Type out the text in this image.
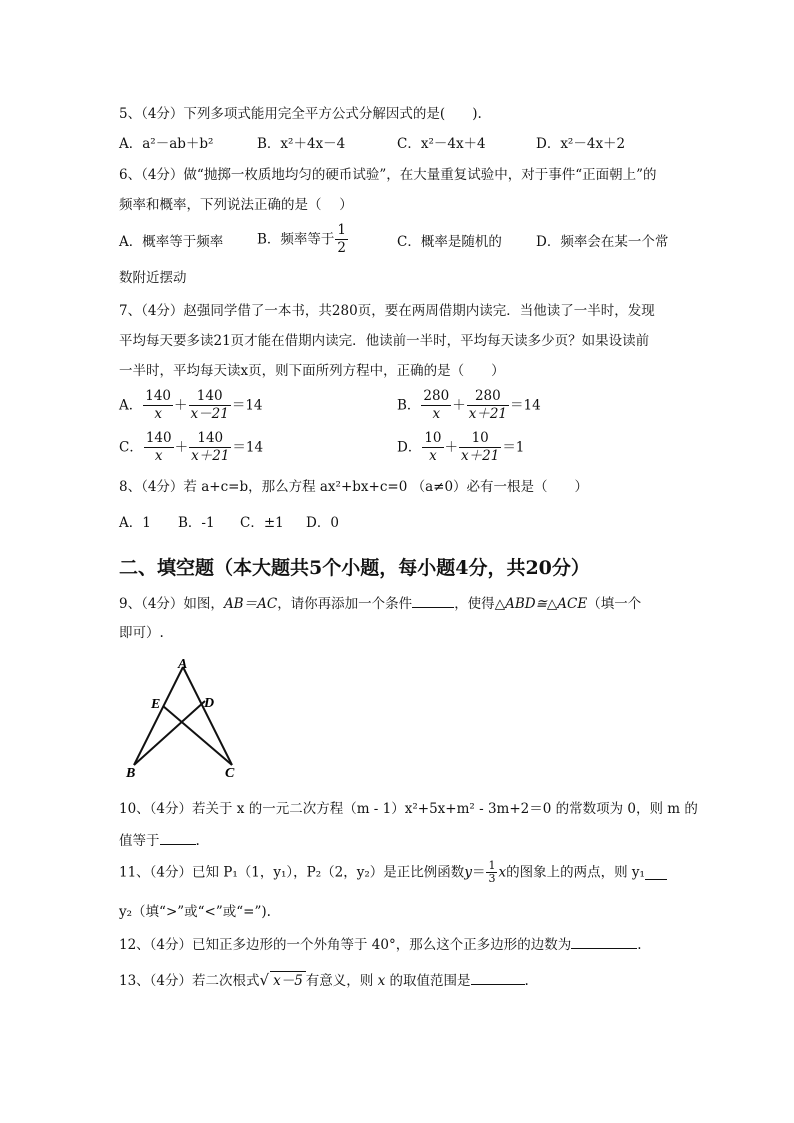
5、（4分）下列多项式能用完全平方公式分解因式的是(　　).
A．a²－ab＋b²	B．x²＋4x－4	C．x²－4x＋4	D．x²－4x＋2
6、（4分）做“抛掷一枚质地均匀的硬币试验”，在大量重复试验中，对于事件“正面朝上”的
频率和概率，下列说法正确的是（　 ）
A．概率等于频率	B．频率等于 $\frac{1}{2}$	C．概率是随机的	D．频率会在某一个常
数附近摆动
7、（4分）赵强同学借了一本书，共280页，要在两周借期内读完．当他读了一半时，发现
平均每天要多读21页才能在借期内读完．他读前一半时，平均每天读多少页？如果设读前
一半时，平均每天读x页，则下面所列方程中，正确的是（　　）
A． $\frac{140}{x} + \frac{140}{x-21} =14$	B． $\frac{280}{x} + \frac{280}{x+21} =14$
C． $\frac{140}{x} + \frac{140}{x+21} =14$	D． $\frac{10}{x} + \frac{10}{x+21} =1$
8、（4分）若 a+c=b，那么方程 ax²+bx+c=0 （a≠0）必有一根是（　　）
A．1 B．-1 C．±1 D．0
二、填空题（本大题共5个小题，每小题4分，共20分）
9、（4分）如图，AB＝AC，请你再添加一个条件	，使得△ABD≅△ACE（填一个
即可）.
A
E	D
B	C
10、（4分）若关于 x 的一元二次方程（m - 1）x²+5x+m² - 3m+2＝0 的常数项为 0，则 m 的
值等于	.
11、（4分）已知 P₁（1，y₁），P₂（2，y₂）是正比例函数$y= \frac{1}{3}$ x的图象上的两点，则 y₁
y₂（填“>”或“<”或“=”).
12、（4分）已知正多边形的一个外角等于 40°，那么这个正多边形的边数为	.
13、（4分）若二次根式√ x－5 有意义，则 x 的取值范围是	.
